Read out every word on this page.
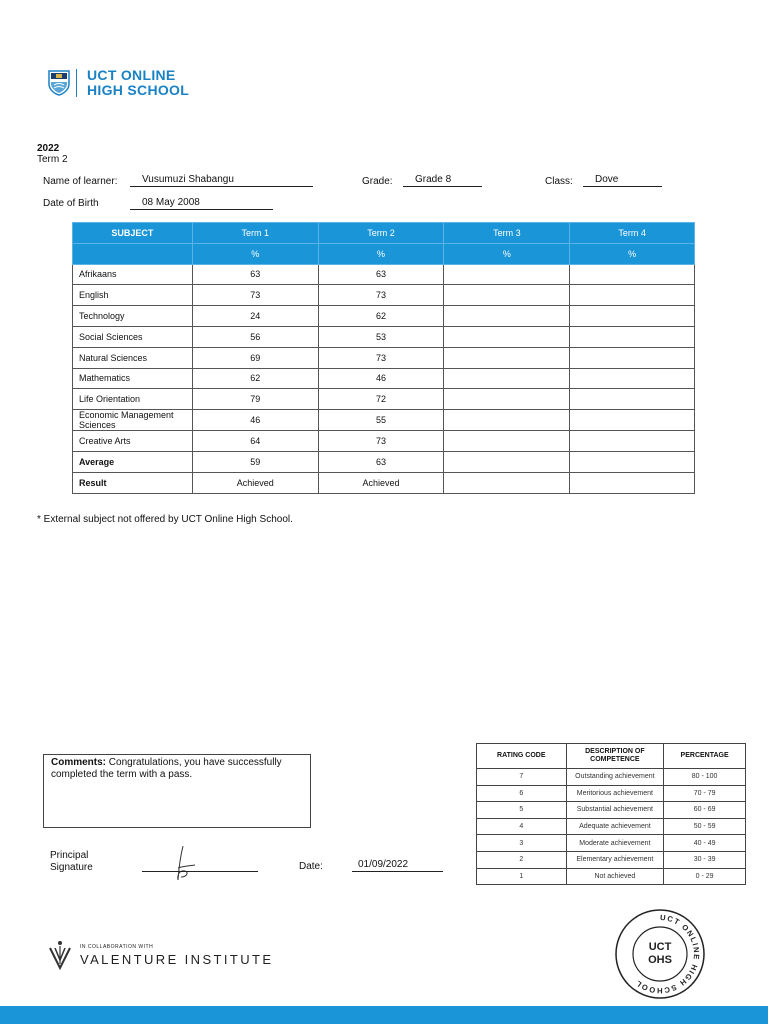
UCT ONLINE
HIGH SCHOOL
2022
Term 2
Name of learner:	Vusumuzi Shabangu	Grade:	Grade 8	Class:	Dove
Date of Birth	08 May 2008
SUBJECT	Term 1	Term 2	Term 3	Term 4
	%	%	%	%
Afrikaans	63	63		
English	73	73		
Technology	24	62		
Social Sciences	56	53		
Natural Sciences	69	73		
Mathematics	62	46		
Life Orientation	79	72		
Economic Management Sciences	46	55		
Creative Arts	64	73		
Average	59	63		
Result	Achieved	Achieved		
* External subject not offered by UCT Online High School.
Comments: Congratulations, you have successfully completed the term with a pass.
Principal
Signature	Date:	01/09/2022
RATING CODE	DESCRIPTION OF COMPETENCE	PERCENTAGE
7	Outstanding achievement	80 - 100
6	Meritorious achievement	70 - 79
5	Substantial achievement	60 - 69
4	Adequate achievement	50 - 59
3	Moderate achievement	40 - 49
2	Elementary achievement	30 - 39
1	Not achieved	0 - 29
IN COLLABORATION WITH
VALENTURE INSTITUTE
UCT ONLINE HIGH SCHOOL
UCT
OHS
